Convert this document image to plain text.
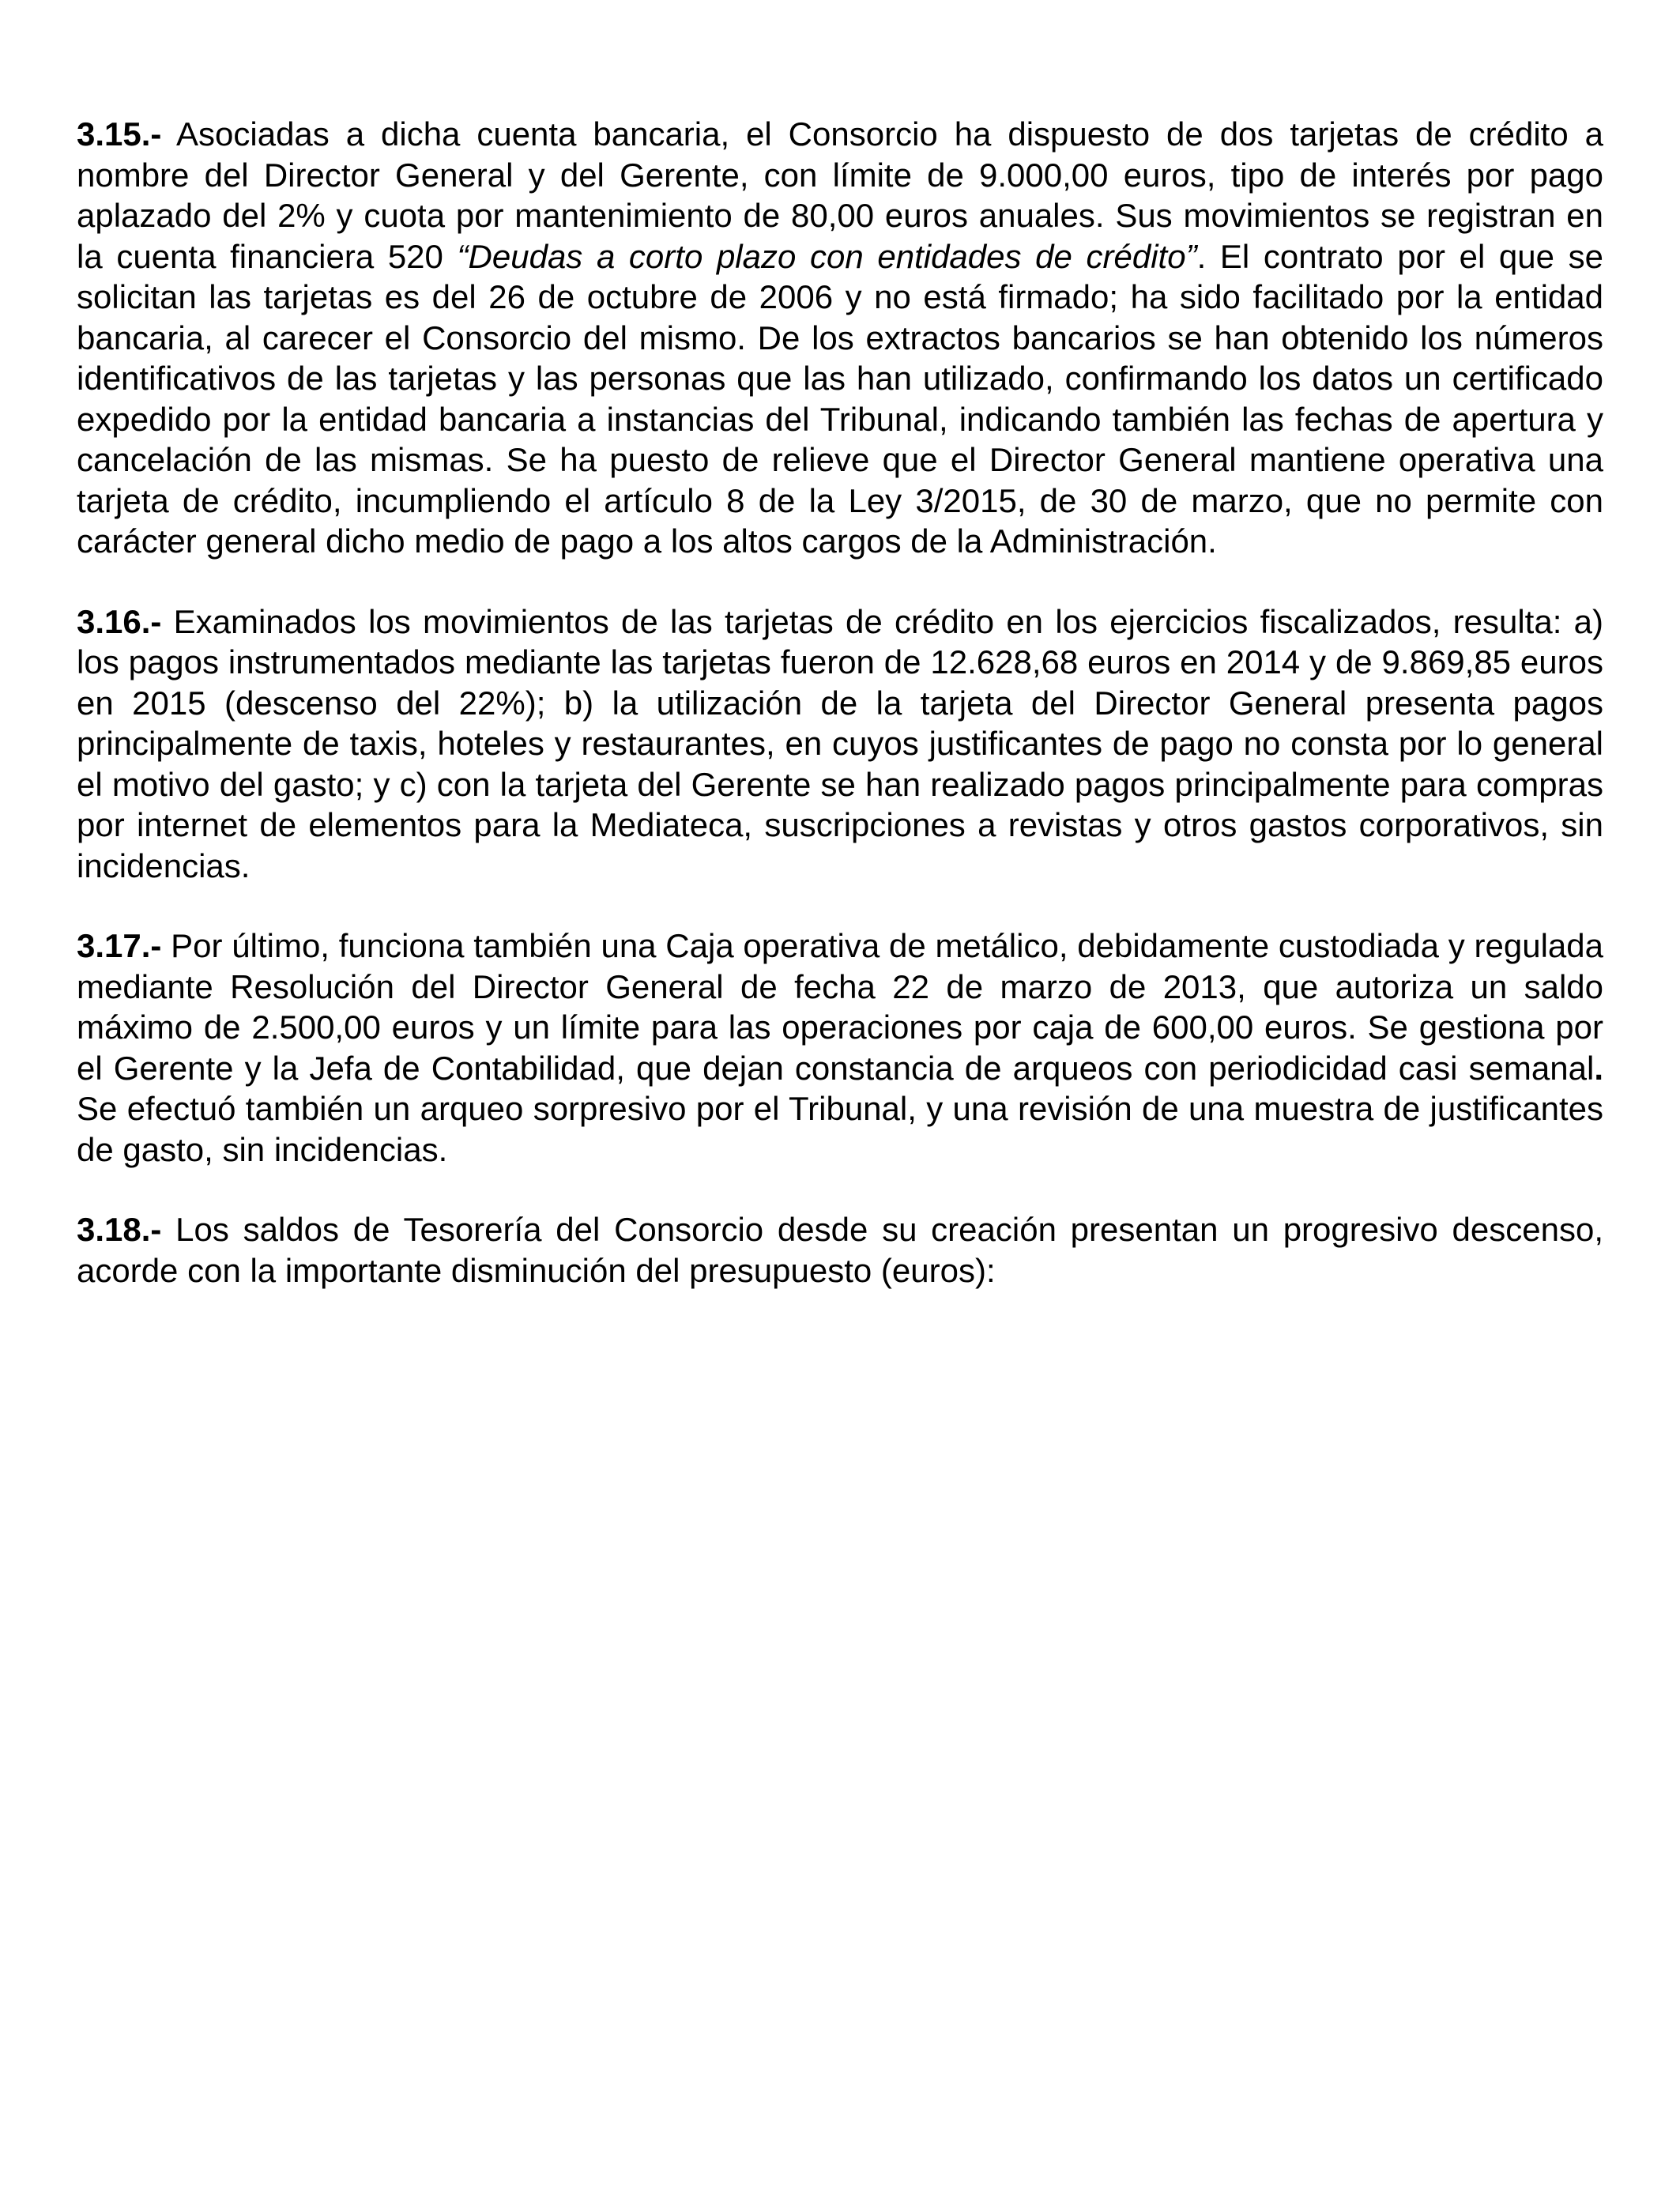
3.15.- Asociadas a dicha cuenta bancaria, el Consorcio ha dispuesto de dos tarjetas de crédito a nombre del Director General y del Gerente, con límite de 9.000,00 euros, tipo de interés por pago aplazado del 2% y cuota por mantenimiento de 80,00 euros anuales. Sus movimientos se registran en la cuenta financiera 520 “Deudas a corto plazo con entidades de crédito”. El contrato por el que se solicitan las tarjetas es del 26 de octubre de 2006 y no está firmado; ha sido facilitado por la entidad bancaria, al carecer el Consorcio del mismo. De los extractos bancarios se han obtenido los números identificativos de las tarjetas y las personas que las han utilizado, confirmando los datos un certificado expedido por la entidad bancaria a instancias del Tribunal, indicando también las fechas de apertura y cancelación de las mismas. Se ha puesto de relieve que el Director General mantiene operativa una tarjeta de crédito, incumpliendo el artículo 8 de la Ley 3/2015, de 30 de marzo, que no permite con carácter general dicho medio de pago a los altos cargos de la Administración.

3.16.- Examinados los movimientos de las tarjetas de crédito en los ejercicios fiscalizados, resulta: a) los pagos instrumentados mediante las tarjetas fueron de 12.628,68 euros en 2014 y de 9.869,85 euros en 2015 (descenso del 22%); b) la utilización de la tarjeta del Director General presenta pagos principalmente de taxis, hoteles y restaurantes, en cuyos justificantes de pago no consta por lo general el motivo del gasto; y c) con la tarjeta del Gerente se han realizado pagos principalmente para compras por internet de elementos para la Mediateca, suscripciones a revistas y otros gastos corporativos, sin incidencias.

3.17.- Por último, funciona también una Caja operativa de metálico, debidamente custodiada y regulada mediante Resolución del Director General de fecha 22 de marzo de 2013, que autoriza un saldo máximo de 2.500,00 euros y un límite para las operaciones por caja de 600,00 euros. Se gestiona por el Gerente y la Jefa de Contabilidad, que dejan constancia de arqueos con periodicidad casi semanal. Se efectuó también un arqueo sorpresivo por el Tribunal, y una revisión de una muestra de justificantes de gasto, sin incidencias.

3.18.- Los saldos de Tesorería del Consorcio desde su creación presentan un progresivo descenso, acorde con la importante disminución del presupuesto (euros):
